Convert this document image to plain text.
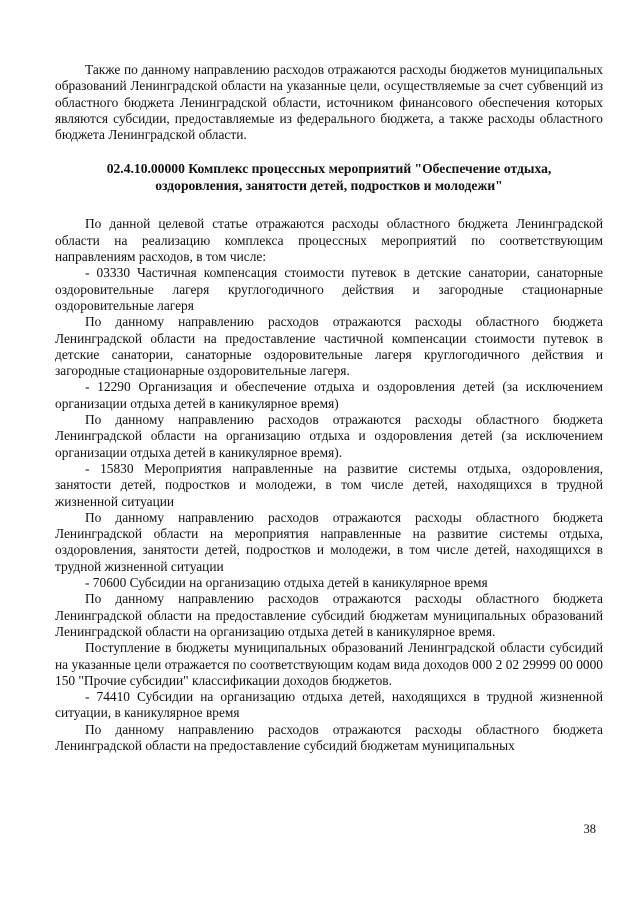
Также по данному направлению расходов отражаются расходы бюджетов муниципальных образований Ленинградской области на указанные цели, осуществляемые за счет субвенций из областного бюджета Ленинградской области, источником финансового обеспечения которых являются субсидии, предоставляемые из федерального бюджета, а также расходы областного бюджета Ленинградской области.

02.4.10.00000 Комплекс процессных мероприятий "Обеспечение отдыха, оздоровления, занятости детей, подростков и молодежи"

По данной целевой статье отражаются расходы областного бюджета Ленинградской области на реализацию комплекса процессных мероприятий по соответствующим направлениям расходов, в том числе:

- 03330 Частичная компенсация стоимости путевок в детские санатории, санаторные оздоровительные лагеря круглогодичного действия и загородные стационарные оздоровительные лагеря

По данному направлению расходов отражаются расходы областного бюджета Ленинградской области на предоставление частичной компенсации стоимости путевок в детские санатории, санаторные оздоровительные лагеря круглогодичного действия и загородные стационарные оздоровительные лагеря.

- 12290 Организация и обеспечение отдыха и оздоровления детей (за исключением организации отдыха детей в каникулярное время)

По данному направлению расходов отражаются расходы областного бюджета Ленинградской области на организацию отдыха и оздоровления детей (за исключением организации отдыха детей в каникулярное время).

- 15830 Мероприятия направленные на развитие системы отдыха, оздоровления, занятости детей, подростков и молодежи, в том числе детей, находящихся в трудной жизненной ситуации

По данному направлению расходов отражаются расходы областного бюджета Ленинградской области на мероприятия направленные на развитие системы отдыха, оздоровления, занятости детей, подростков и молодежи, в том числе детей, находящихся в трудной жизненной ситуации

- 70600 Субсидии на организацию отдыха детей в каникулярное время

По данному направлению расходов отражаются расходы областного бюджета Ленинградской области на предоставление субсидий бюджетам муниципальных образований Ленинградской области на организацию отдыха детей в каникулярное время.

Поступление в бюджеты муниципальных образований Ленинградской области субсидий на указанные цели отражается по соответствующим кодам вида доходов 000 2 02 29999 00 0000 150 "Прочие субсидии" классификации доходов бюджетов.

- 74410 Субсидии на организацию отдыха детей, находящихся в трудной жизненной ситуации, в каникулярное время

По данному направлению расходов отражаются расходы областного бюджета Ленинградской области на предоставление субсидий бюджетам муниципальных

38
